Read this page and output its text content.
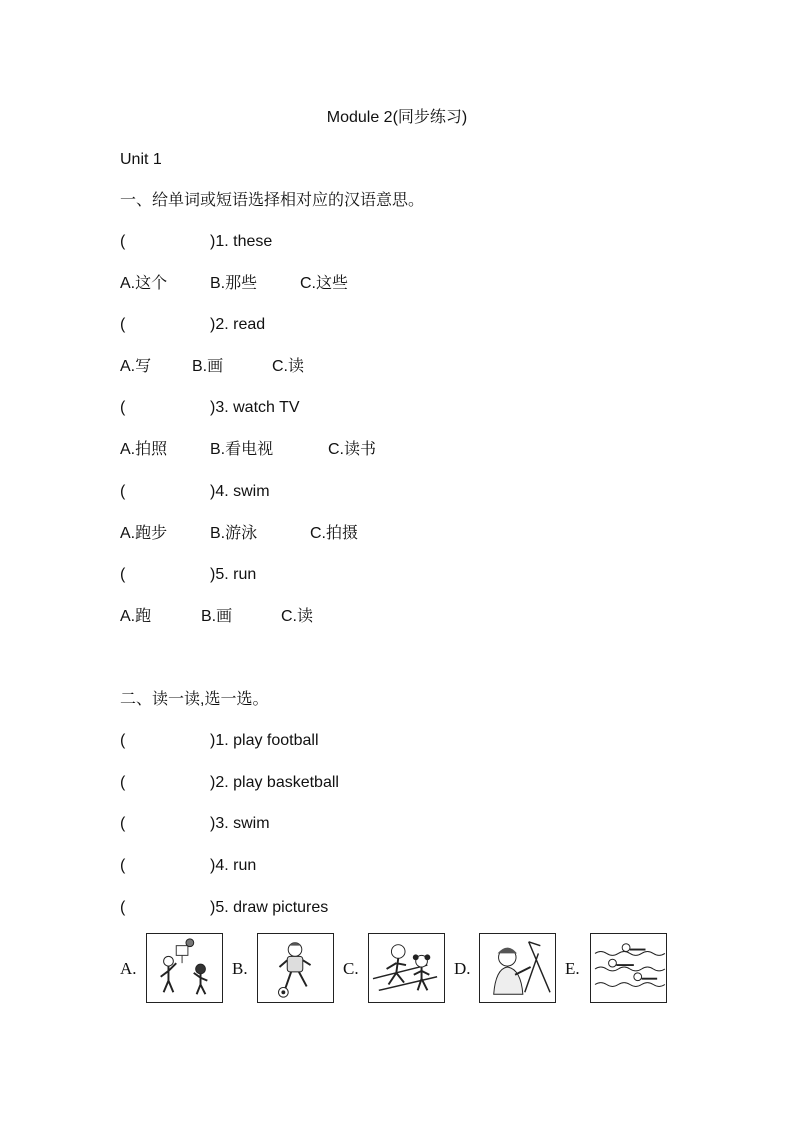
Module 2(同步练习)
Unit 1
一、给单词或短语选择相对应的汉语意思。
(	)1. these
A.这个	B.那些	C.这些
(	)2. read
A.写	B.画	C.读
(	)3. watch TV
A.拍照	B.看电视	C.读书
(	)4. swim
A.跑步	B.游泳	C.拍摄
(	)5. run
A.跑	B.画	C.读
二、读一读,选一选。
(	)1. play football
(	)2. play basketball
(	)3. swim
(	)4. run
(	)5. draw pictures
A.	B.	C.	D.	E.
